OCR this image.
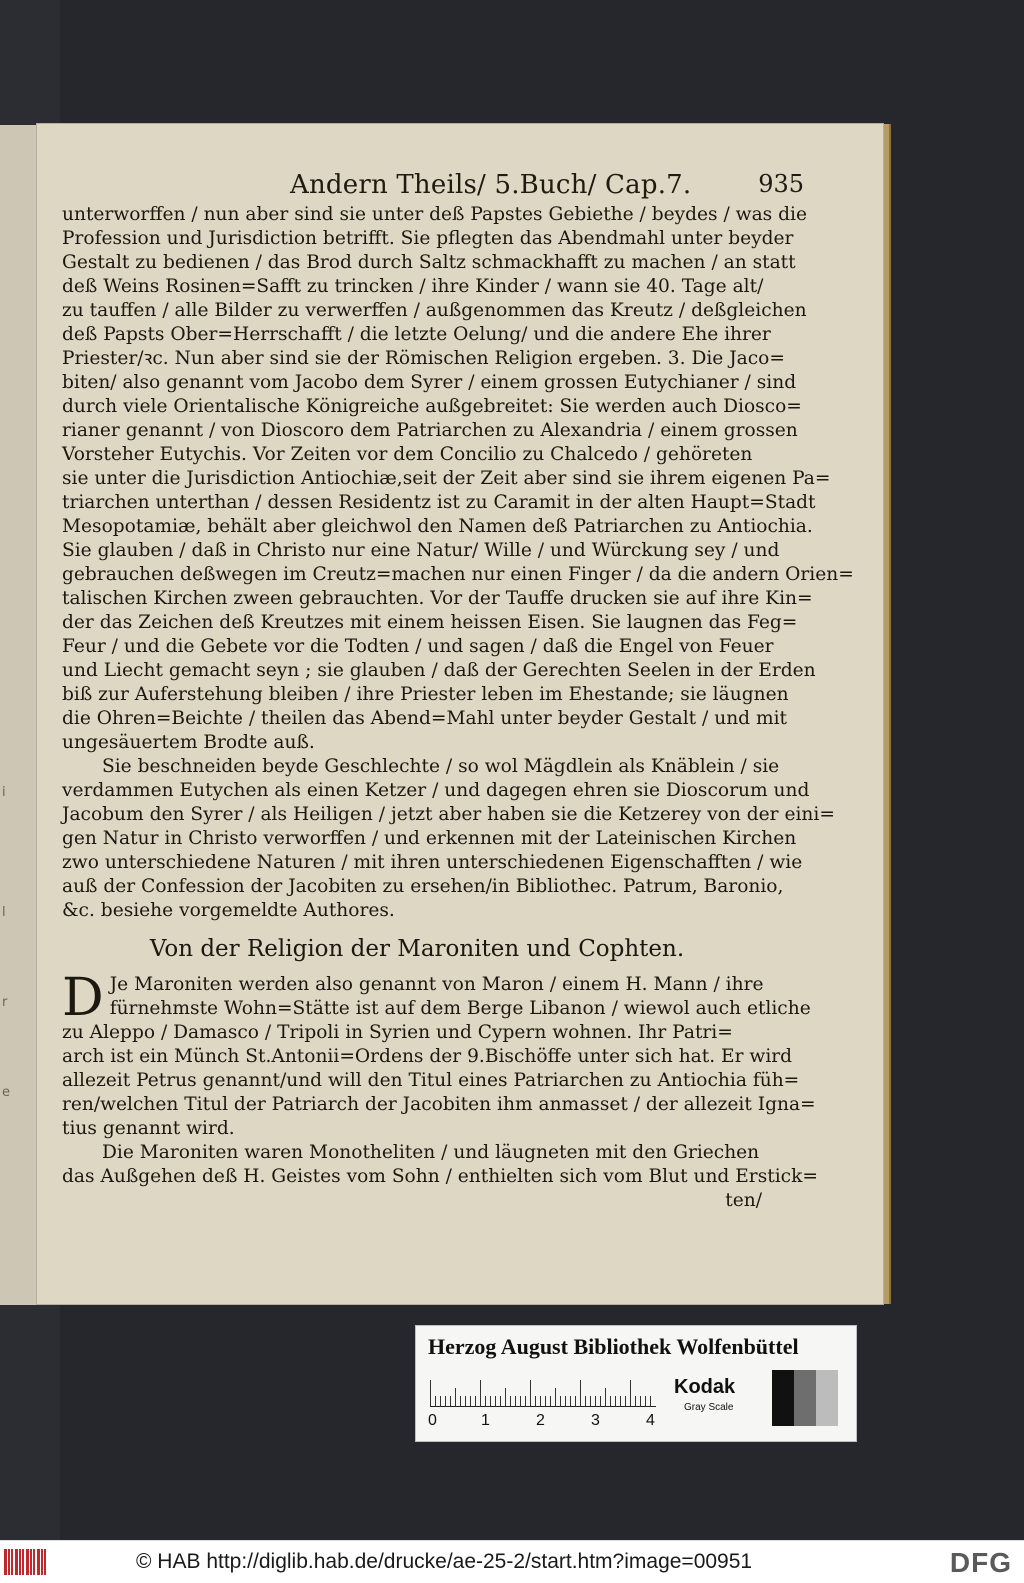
i
l
r
e
Andern Theils/ 5.Buch/ Cap.7.	935

unterworffen / nun aber sind sie unter deß Papstes Gebiethe / beydes / was die
Profession und Jurisdiction betrifft. Sie pflegten das Abendmahl unter beyder
Gestalt zu bedienen / das Brod durch Saltz schmackhafft zu machen / an statt
deß Weins Rosinen=Safft zu trincken / ihre Kinder / wann sie 40. Tage alt/
zu tauffen / alle Bilder zu verwerffen / außgenommen das Kreutz / deßgleichen
deß Papsts Ober=Herrschafft / die letzte Oelung/ und die andere Ehe ihrer
Priester/ꝛc. Nun aber sind sie der Römischen Religion ergeben. 3. Die Jaco=
biten/ also genannt vom Jacobo dem Syrer / einem grossen Eutychianer / sind
durch viele Orientalische Königreiche außgebreitet: Sie werden auch Diosco=
rianer genannt / von Dioscoro dem Patriarchen zu Alexandria / einem grossen
Vorsteher Eutychis. Vor Zeiten vor dem Concilio zu Chalcedo / gehöreten
sie unter die Jurisdiction Antiochiæ,seit der Zeit aber sind sie ihrem eigenen Pa=
triarchen unterthan / dessen Residentz ist zu Caramit in der alten Haupt=Stadt
Mesopotamiæ, behält aber gleichwol den Namen deß Patriarchen zu Antiochia.
Sie glauben / daß in Christo nur eine Natur/ Wille / und Würckung sey / und
gebrauchen deßwegen im Creutz=machen nur einen Finger / da die andern Orien=
talischen Kirchen zween gebrauchten. Vor der Tauffe drucken sie auf ihre Kin=
der das Zeichen deß Kreutzes mit einem heissen Eisen. Sie laugnen das Feg=
Feur / und die Gebete vor die Todten / und sagen / daß die Engel von Feuer
und Liecht gemacht seyn ; sie glauben / daß der Gerechten Seelen in der Erden
biß zur Auferstehung bleiben / ihre Priester leben im Ehestande; sie läugnen
die Ohren=Beichte / theilen das Abend=Mahl unter beyder Gestalt / und mit
ungesäuertem Brodte auß.

Sie beschneiden beyde Geschlechte / so wol Mägdlein als Knäblein / sie
verdammen Eutychen als einen Ketzer / und dagegen ehren sie Dioscorum und
Jacobum den Syrer / als Heiligen / jetzt aber haben sie die Ketzerey von der eini=
gen Natur in Christo verworffen / und erkennen mit der Lateinischen Kirchen
zwo unterschiedene Naturen / mit ihren unterschiedenen Eigenschafften / wie
auß der Confession der Jacobiten zu ersehen/in Bibliothec. Patrum, Baronio,
&c. besiehe vorgemeldte Authores.

Von der Religion der Maroniten und Cophten.

D Je Maroniten werden also genannt von Maron / einem H. Mann / ihre
fürnehmste Wohn=Stätte ist auf dem Berge Libanon / wiewol auch etliche
zu Aleppo / Damasco / Tripoli in Syrien und Cypern wohnen. Ihr Patri=
arch ist ein Münch St.Antonii=Ordens der 9.Bischöffe unter sich hat. Er wird
allezeit Petrus genannt/und will den Titul eines Patriarchen zu Antiochia füh=
ren/welchen Titul der Patriarch der Jacobiten ihm anmasset / der allezeit Igna=
tius genannt wird.

Die Maroniten waren Monotheliten / und läugneten mit den Griechen
das Außgehen deß H. Geistes vom Sohn / enthielten sich vom Blut und Erstick=

ten/
Herzog August Bibliothek Wolfenbüttel
0	1	2	3	4
Kodak
Gray Scale
© HAB http://diglib.hab.de/drucke/ae-25-2/start.htm?image=00951	DFG
